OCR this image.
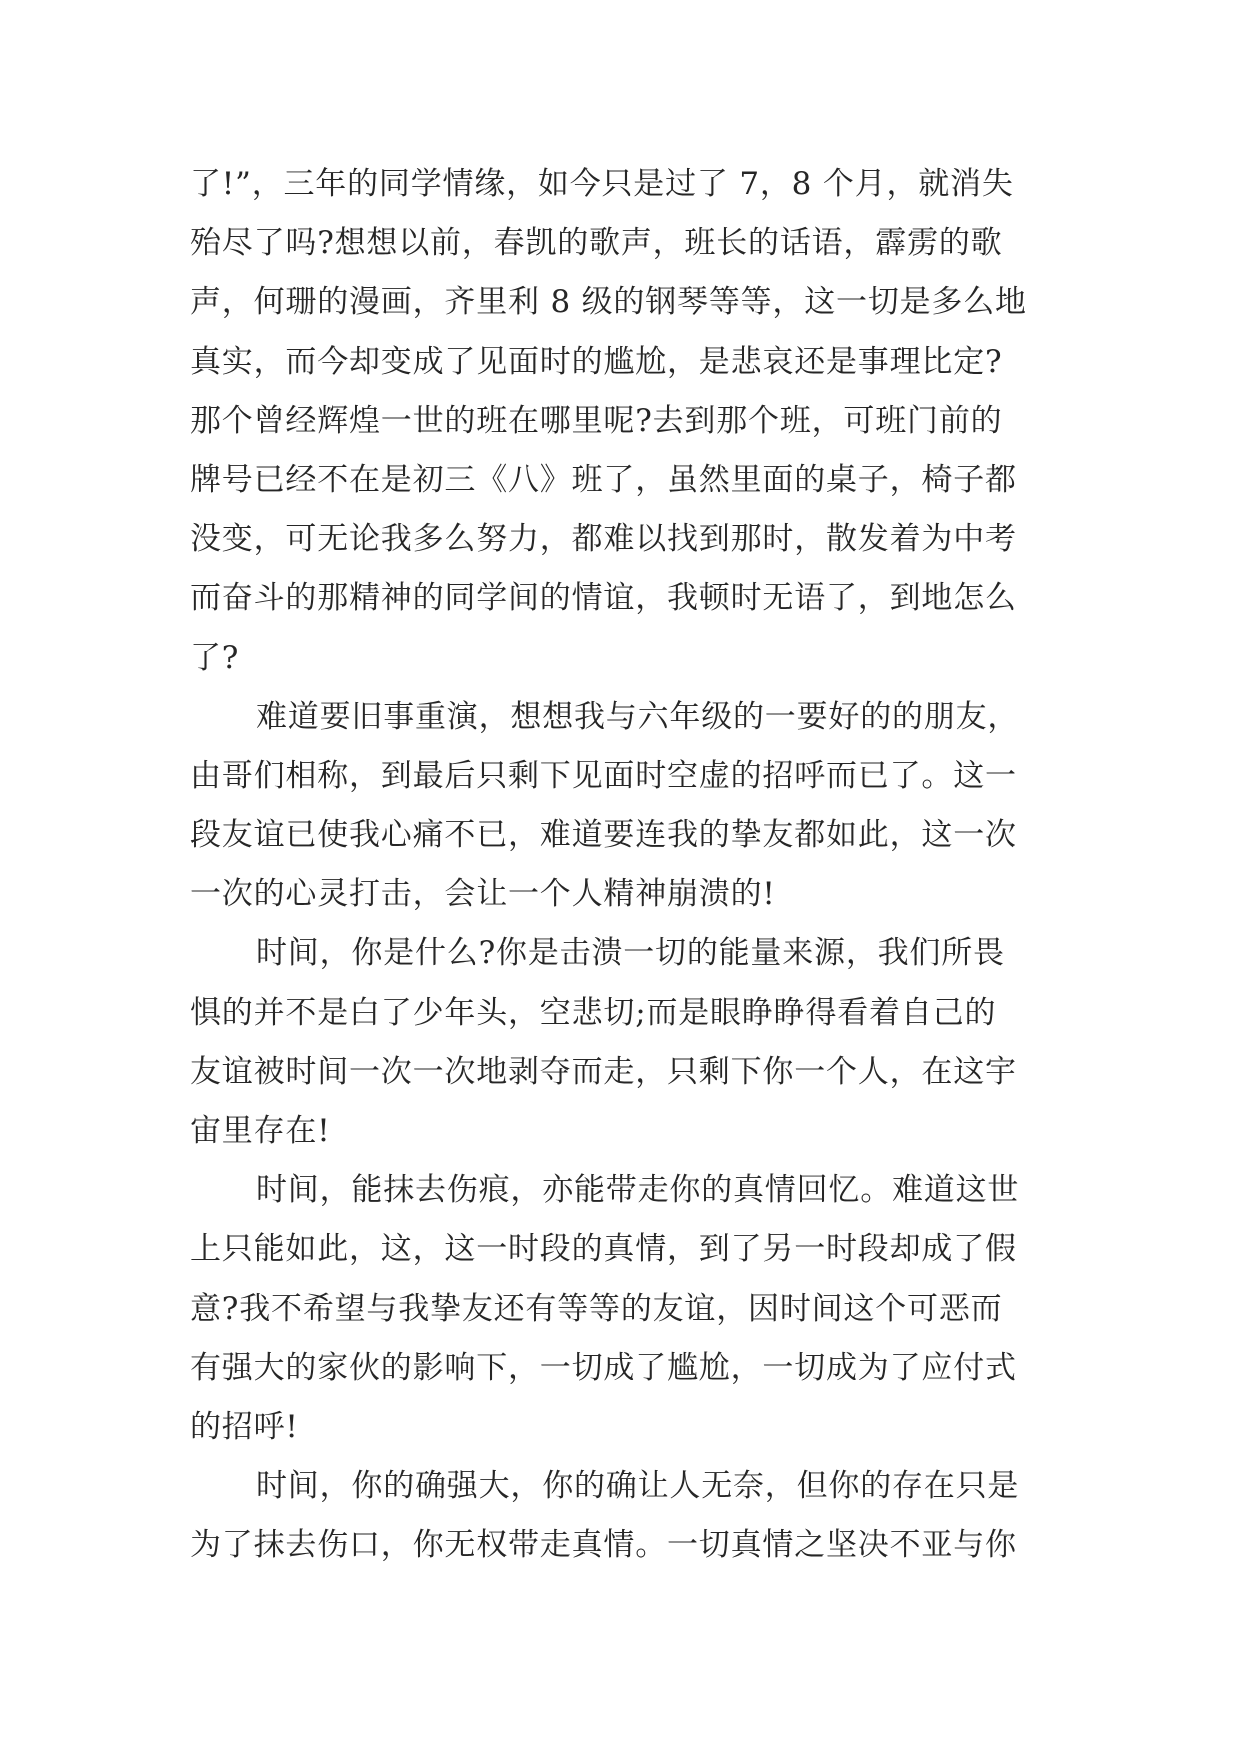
了!”，三年的同学情缘，如今只是过了 7，8 个月，就消失
殆尽了吗?想想以前，春凯的歌声，班长的话语，霹雳的歌
声，何珊的漫画，齐里利 8 级的钢琴等等，这一切是多么地
真实，而今却变成了见面时的尴尬，是悲哀还是事理比定?
那个曾经辉煌一世的班在哪里呢?去到那个班，可班门前的
牌号已经不在是初三《八》班了，虽然里面的桌子，椅子都
没变，可无论我多么努力，都难以找到那时，散发着为中考
而奋斗的那精神的同学间的情谊，我顿时无语了，到地怎么
了?
难道要旧事重演，想想我与六年级的一要好的的朋友，
由哥们相称，到最后只剩下见面时空虚的招呼而已了。这一
段友谊已使我心痛不已，难道要连我的挚友都如此，这一次
一次的心灵打击，会让一个人精神崩溃的!
时间，你是什么?你是击溃一切的能量来源，我们所畏
惧的并不是白了少年头，空悲切;而是眼睁睁得看着自己的
友谊被时间一次一次地剥夺而走，只剩下你一个人，在这宇
宙里存在!
时间，能抹去伤痕，亦能带走你的真情回忆。难道这世
上只能如此，这，这一时段的真情，到了另一时段却成了假
意?我不希望与我挚友还有等等的友谊，因时间这个可恶而
有强大的家伙的影响下，一切成了尴尬，一切成为了应付式
的招呼!
时间，你的确强大，你的确让人无奈，但你的存在只是
为了抹去伤口，你无权带走真情。一切真情之坚决不亚与你
